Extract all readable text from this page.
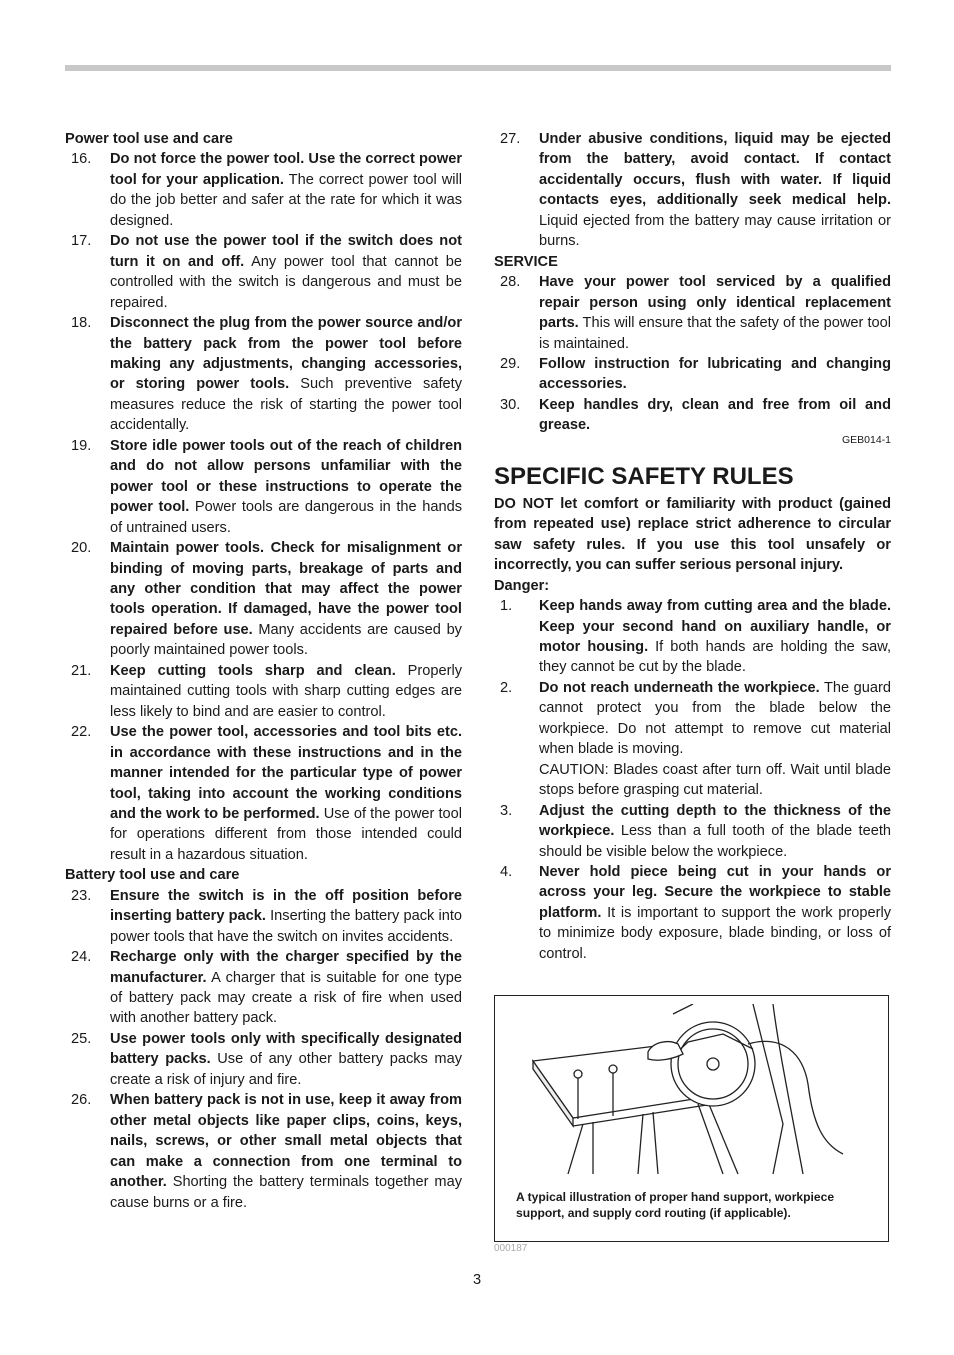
Power tool use and care
16.	Do not force the power tool. Use the correct power tool for your application. The correct power tool will do the job better and safer at the rate for which it was designed.
17.	Do not use the power tool if the switch does not turn it on and off. Any power tool that cannot be controlled with the switch is dangerous and must be repaired.
18.	Disconnect the plug from the power source and/or the battery pack from the power tool before making any adjustments, changing accessories, or storing power tools. Such preventive safety measures reduce the risk of starting the power tool accidentally.
19.	Store idle power tools out of the reach of children and do not allow persons unfamiliar with the power tool or these instructions to operate the power tool. Power tools are dangerous in the hands of untrained users.
20.	Maintain power tools. Check for misalignment or binding of moving parts, breakage of parts and any other condition that may affect the power tools operation. If damaged, have the power tool repaired before use. Many accidents are caused by poorly maintained power tools.
21.	Keep cutting tools sharp and clean. Properly maintained cutting tools with sharp cutting edges are less likely to bind and are easier to control.
22.	Use the power tool, accessories and tool bits etc. in accordance with these instructions and in the manner intended for the particular type of power tool, taking into account the working conditions and the work to be performed. Use of the power tool for operations different from those intended could result in a hazardous situation.
Battery tool use and care
23.	Ensure the switch is in the off position before inserting battery pack. Inserting the battery pack into power tools that have the switch on invites accidents.
24.	Recharge only with the charger specified by the manufacturer. A charger that is suitable for one type of battery pack may create a risk of fire when used with another battery pack.
25.	Use power tools only with specifically designated battery packs. Use of any other battery packs may create a risk of injury and fire.
26.	When battery pack is not in use, keep it away from other metal objects like paper clips, coins, keys, nails, screws, or other small metal objects that can make a connection from one terminal to another. Shorting the battery terminals together may cause burns or a fire.
27.	Under abusive conditions, liquid may be ejected from the battery, avoid contact. If contact accidentally occurs, flush with water. If liquid contacts eyes, additionally seek medical help. Liquid ejected from the battery may cause irritation or burns.
SERVICE
28.	Have your power tool serviced by a qualified repair person using only identical replacement parts. This will ensure that the safety of the power tool is maintained.
29.	Follow instruction for lubricating and changing accessories.
30.	Keep handles dry, clean and free from oil and grease.
GEB014-1
SPECIFIC SAFETY RULES
DO NOT let comfort or familiarity with product (gained from repeated use) replace strict adherence to circular saw safety rules. If you use this tool unsafely or incorrectly, you can suffer serious personal injury.
Danger:
1.	Keep hands away from cutting area and the blade. Keep your second hand on auxiliary handle, or motor housing. If both hands are holding the saw, they cannot be cut by the blade.
2.	Do not reach underneath the workpiece. The guard cannot protect you from the blade below the workpiece. Do not attempt to remove cut material when blade is moving.
CAUTION: Blades coast after turn off. Wait until blade stops before grasping cut material.
3.	Adjust the cutting depth to the thickness of the workpiece. Less than a full tooth of the blade teeth should be visible below the workpiece.
4.	Never hold piece being cut in your hands or across your leg. Secure the workpiece to stable platform. It is important to support the work properly to minimize body exposure, blade binding, or loss of control.
A typical illustration of proper hand support, workpiece support, and supply cord routing (if applicable).
000187
3
